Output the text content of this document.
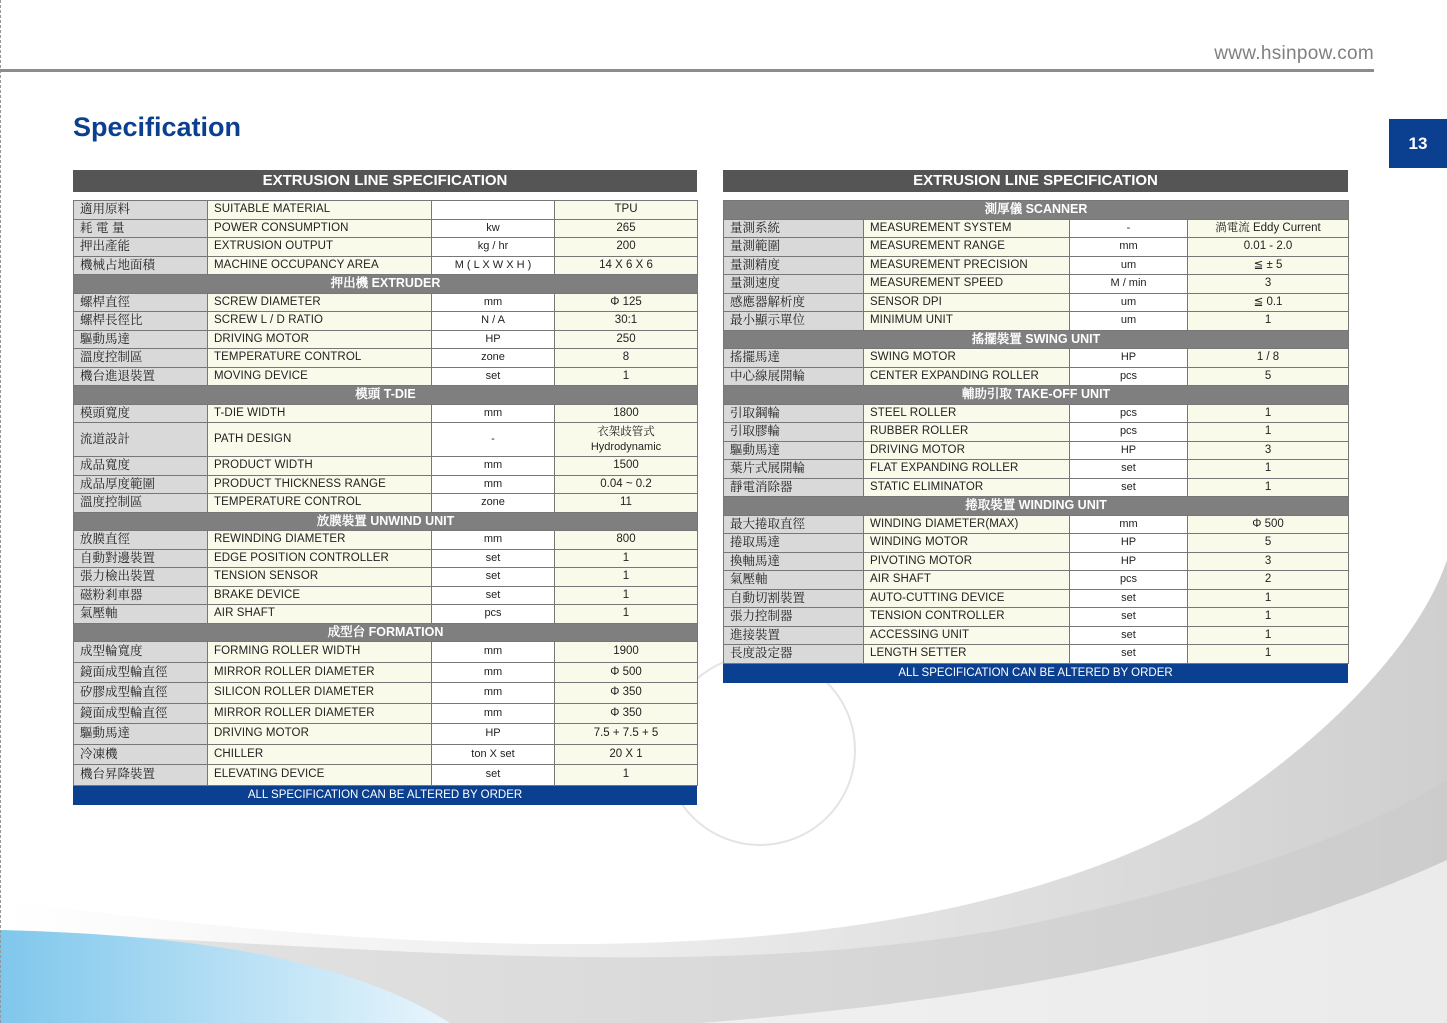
www.hsinpow.com
Specification
13
EXTRUSION LINE SPECIFICATION
適用原料	SUITABLE MATERIAL		TPU
耗 電 量	POWER CONSUMPTION	kw	265
押出產能	EXTRUSION OUTPUT	kg / hr	200
機械占地面積	MACHINE OCCUPANCY AREA	M ( L X W X H )	14 X 6 X 6
押出機 EXTRUDER			
螺桿直徑	SCREW DIAMETER	mm	Φ 125
螺桿長徑比	SCREW L / D RATIO	N / A	30:1
驅動馬達	DRIVING MOTOR	HP	250
溫度控制區	TEMPERATURE CONTROL	zone	8
機台進退裝置	MOVING DEVICE	set	1
模頭 T-DIE			
模頭寬度	T-DIE WIDTH	mm	1800
流道設計	PATH DESIGN	-	衣架歧管式
Hydrodynamic

成品寬度	PRODUCT WIDTH	mm	1500
成品厚度範圍	PRODUCT THICKNESS RANGE	mm	0.04 ~ 0.2
溫度控制區	TEMPERATURE CONTROL	zone	11
放膜裝置 UNWIND UNIT			
放膜直徑	REWINDING DIAMETER	mm	800
自動對邊裝置	EDGE POSITION CONTROLLER	set	1
張力檢出裝置	TENSION SENSOR	set	1
磁粉剎車器	BRAKE DEVICE	set	1
氣壓軸	AIR SHAFT	pcs	1
成型台 FORMATION			
成型輪寬度	FORMING ROLLER WIDTH	mm	1900
鏡面成型輪直徑	MIRROR ROLLER DIAMETER	mm	Φ 500
矽膠成型輪直徑	SILICON ROLLER DIAMETER	mm	Φ 350
鏡面成型輪直徑	MIRROR ROLLER DIAMETER	mm	Φ 350
驅動馬達	DRIVING MOTOR	HP	7.5 + 7.5 + 5
冷凍機	CHILLER	ton X set	20 X 1
機台昇降裝置	ELEVATING DEVICE	set	1
ALL SPECIFICATION CAN BE ALTERED BY ORDER
EXTRUSION LINE SPECIFICATION
測厚儀 SCANNER			
量測系統	MEASUREMENT SYSTEM	-	渦電流 Eddy Current
量測範圍	MEASUREMENT RANGE	mm	0.01 - 2.0
量測精度	MEASUREMENT PRECISION	um	≦ ± 5
量測速度	MEASUREMENT SPEED	M / min	3
感應器解析度	SENSOR DPI	um	≦ 0.1
最小顯示單位	MINIMUM UNIT	um	1
搖擺裝置 SWING UNIT			
搖擺馬達	SWING MOTOR	HP	1 / 8
中心線展開輪	CENTER EXPANDING ROLLER	pcs	5
輔助引取 TAKE-OFF UNIT			
引取鋼輪	STEEL ROLLER	pcs	1
引取膠輪	RUBBER ROLLER	pcs	1
驅動馬達	DRIVING MOTOR	HP	3
葉片式展開輪	FLAT EXPANDING ROLLER	set	1
靜電消除器	STATIC ELIMINATOR	set	1
捲取裝置 WINDING UNIT			
最大捲取直徑	WINDING DIAMETER(MAX)	mm	Φ 500
捲取馬達	WINDING MOTOR	HP	5
換軸馬達	PIVOTING MOTOR	HP	3
氣壓軸	AIR SHAFT	pcs	2
自動切割裝置	AUTO-CUTTING DEVICE	set	1
張力控制器	TENSION CONTROLLER	set	1
進接裝置	ACCESSING UNIT	set	1
長度設定器	LENGTH SETTER	set	1
ALL SPECIFICATION CAN BE ALTERED BY ORDER
